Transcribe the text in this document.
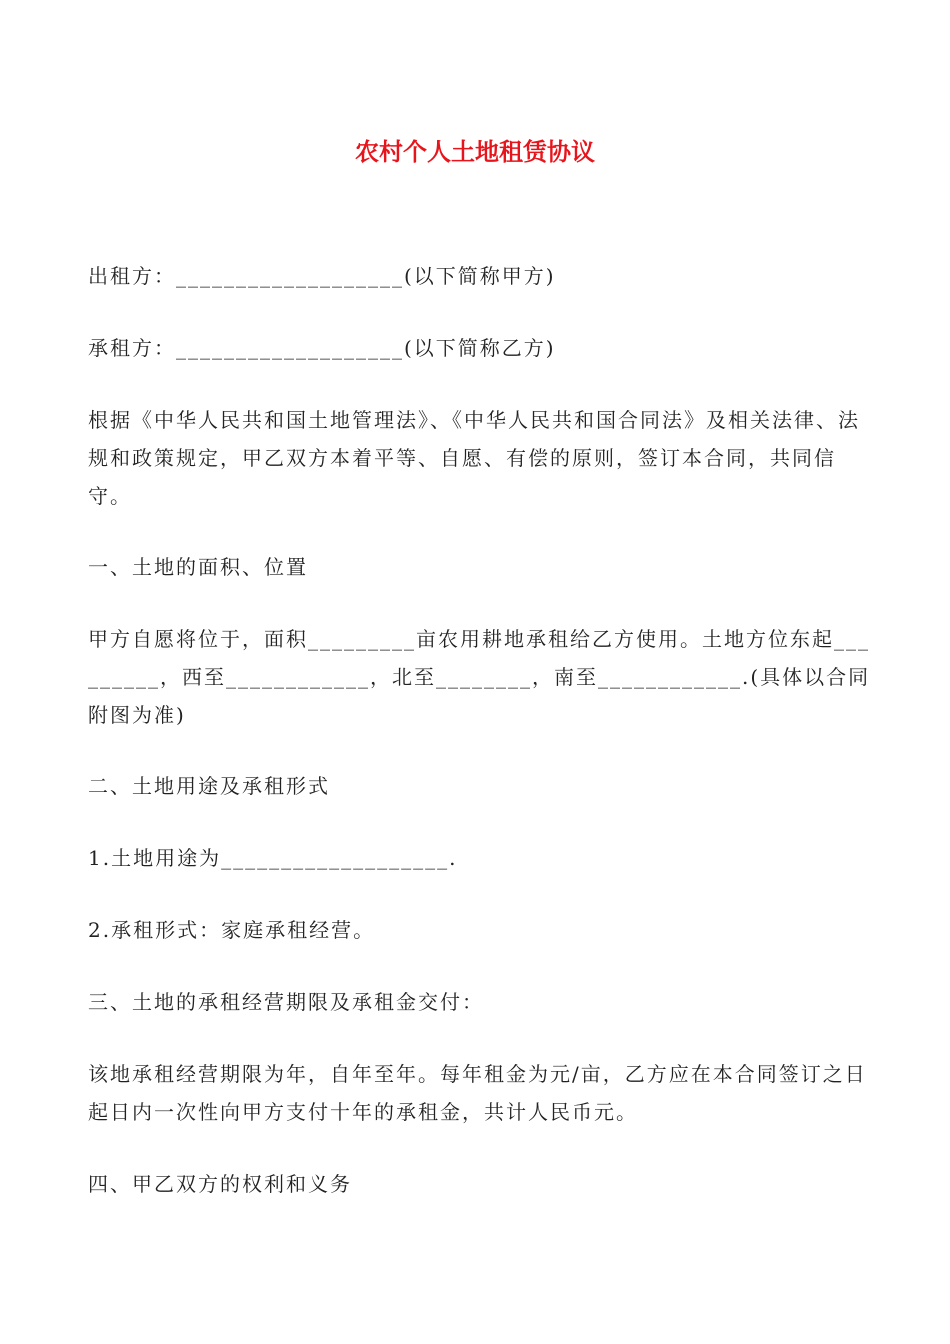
农村个人土地租赁协议
出租方：___________________(以下简称甲方)
承租方：___________________(以下简称乙方)
根据《中华人民共和国土地管理法》、《中华人民共和国合同法》及相关法律、法规和政策规定，甲乙双方本着平等、自愿、有偿的原则，签订本合同，共同信守。
一、土地的面积、位置
甲方自愿将位于，面积_________亩农用耕地承租给乙方使用。土地方位东起_________，西至____________，北至________，南至____________.(具体以合同附图为准)
二、土地用途及承租形式
1.土地用途为___________________.
2.承租形式：家庭承租经营。
三、土地的承租经营期限及承租金交付：
该地承租经营期限为年，自年至年。每年租金为元/亩，乙方应在本合同签订之日起日内一次性向甲方支付十年的承租金，共计人民币元。
四、甲乙双方的权利和义务
